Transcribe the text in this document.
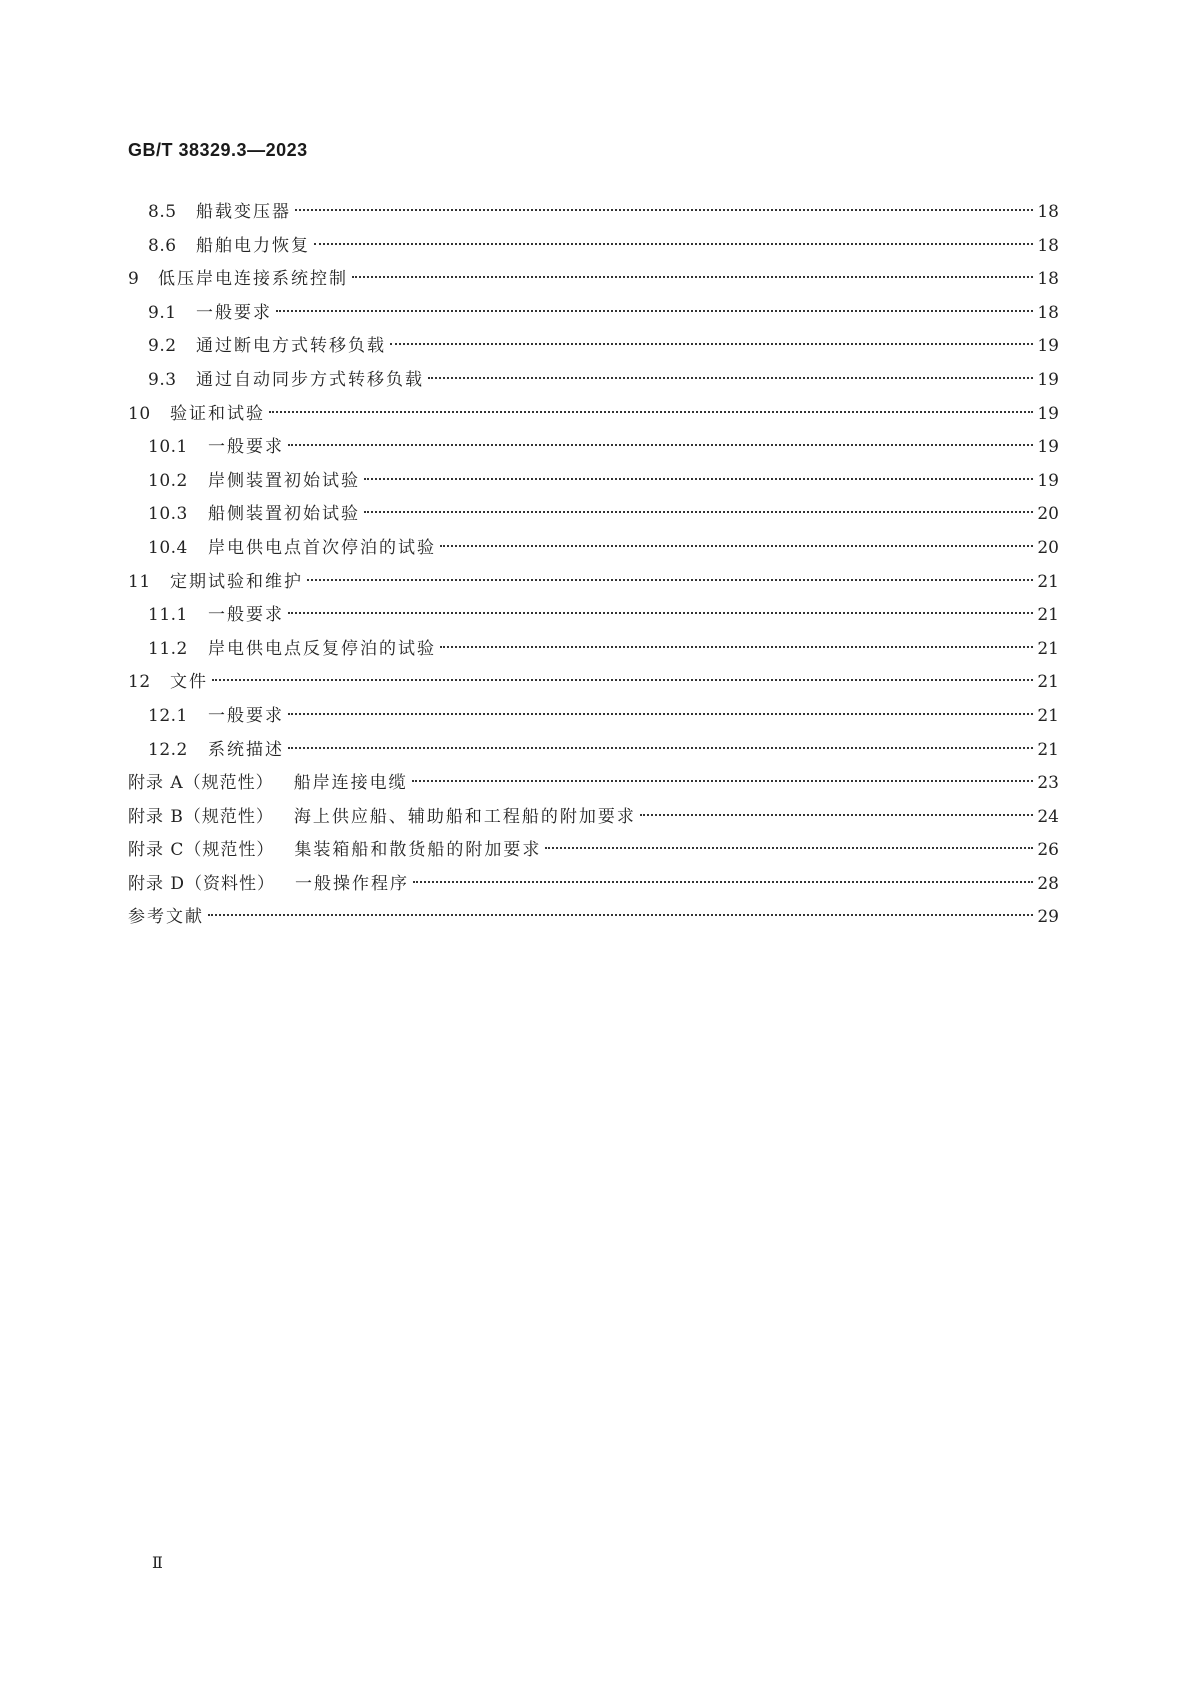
GB/T 38329.3—2023
8.5	船载变压器	18
8.6	船舶电力恢复	18
9	低压岸电连接系统控制	18
9.1	一般要求	18
9.2	通过断电方式转移负载	19
9.3	通过自动同步方式转移负载	19
10	验证和试验	19
10.1	一般要求	19
10.2	岸侧装置初始试验	19
10.3	船侧装置初始试验	20
10.4	岸电供电点首次停泊的试验	20
11	定期试验和维护	21
11.1	一般要求	21
11.2	岸电供电点反复停泊的试验	21
12	文件	21
12.1	一般要求	21
12.2	系统描述	21
附录 A（规范性） 船岸连接电缆	23
附录 B（规范性） 海上供应船、辅助船和工程船的附加要求	24
附录 C（规范性） 集装箱船和散货船的附加要求	26
附录 D（资料性） 一般操作程序	28
参考文献	29
Ⅱ
